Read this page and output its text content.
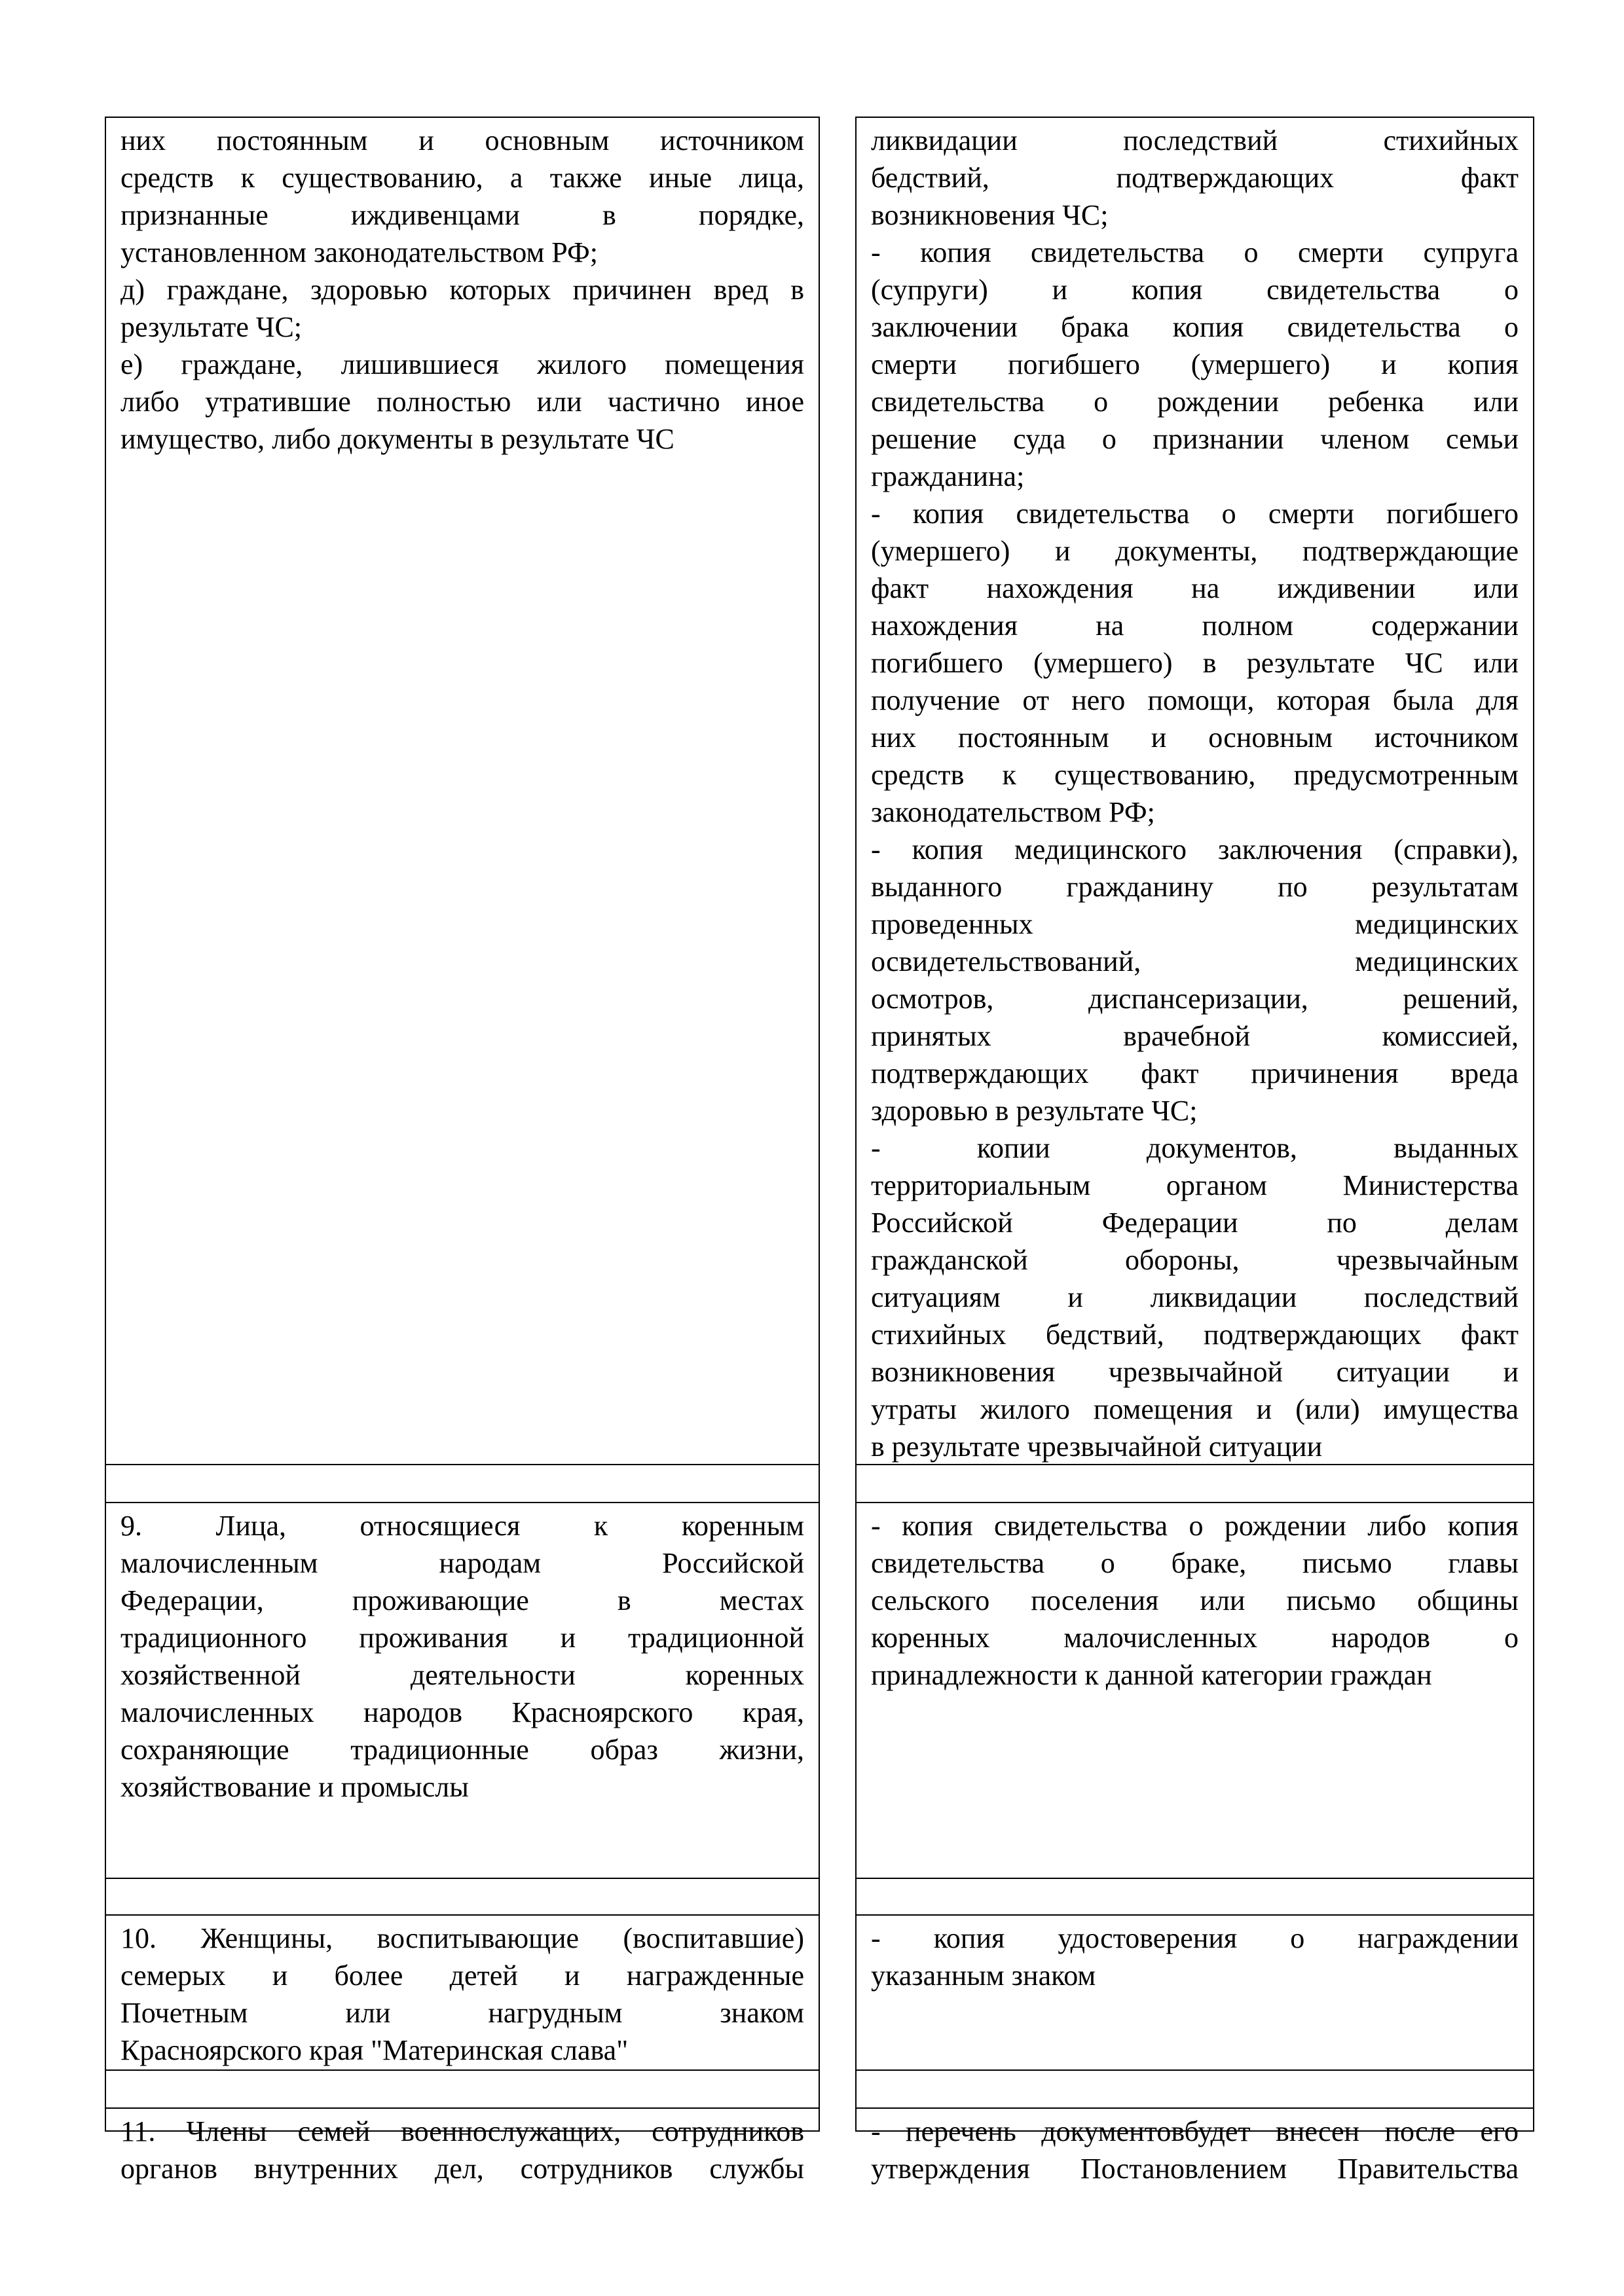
них постоянным и основным источником
средств к существованию, а также иные лица,
признанные иждивенцами в порядке,
установленном законодательством РФ;
д) граждане, здоровью которых причинен вред в
результате ЧС;
е) граждане, лишившиеся жилого помещения
либо утратившие полностью или частично иное
имущество, либо документы в результате ЧС
9. Лица, относящиеся к коренным
малочисленным народам Российской
Федерации, проживающие в местах
традиционного проживания и традиционной
хозяйственной деятельности коренных
малочисленных народов Красноярского края,
сохраняющие традиционные образ жизни,
хозяйствование и промыслы
10. Женщины, воспитывающие (воспитавшие)
семерых и более детей и награжденные
Почетным или нагрудным знаком
Красноярского края "Материнская слава"
11. Члены семей военнослужащих, сотрудников
органов внутренних дел, сотрудников службы
ликвидации последствий стихийных
бедствий, подтверждающих факт
возникновения ЧС;
- копия свидетельства о смерти супруга
(супруги) и копия свидетельства о
заключении брака копия свидетельства о
смерти погибшего (умершего) и копия
свидетельства о рождении ребенка или
решение суда о признании членом семьи
гражданина;
- копия свидетельства о смерти погибшего
(умершего) и документы, подтверждающие
факт нахождения на иждивении или
нахождения на полном содержании
погибшего (умершего) в результате ЧС или
получение от него помощи, которая была для
них постоянным и основным источником
средств к существованию, предусмотренным
законодательством РФ;
- копия медицинского заключения (справки),
выданного гражданину по результатам
проведенных медицинских
освидетельствований, медицинских
осмотров, диспансеризации, решений,
принятых врачебной комиссией,
подтверждающих факт причинения вреда
здоровью в результате ЧС;
- копии документов, выданных
территориальным органом Министерства
Российской Федерации по делам
гражданской обороны, чрезвычайным
ситуациям и ликвидации последствий
стихийных бедствий, подтверждающих факт
возникновения чрезвычайной ситуации и
утраты жилого помещения и (или) имущества
в результате чрезвычайной ситуации
- копия свидетельства о рождении либо копия
свидетельства о браке, письмо главы
сельского поселения или письмо общины
коренных малочисленных народов о
принадлежности к данной категории граждан
- копия удостоверения о награждении
указанным знаком
- перечень документовбудет внесен после его
утверждения Постановлением Правительства
